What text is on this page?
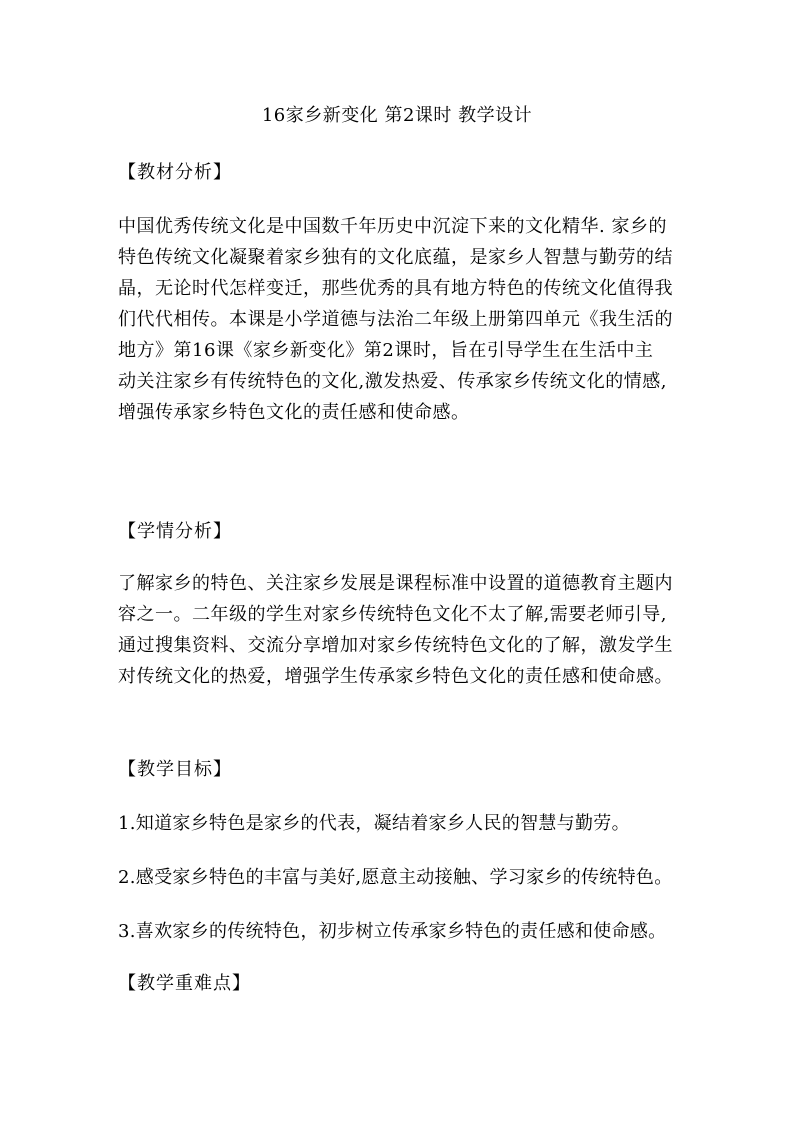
16家乡新变化 第2课时 教学设计
【教材分析】
中国优秀传统文化是中国数千年历史中沉淀下来的文化精华. 家乡的
特色传统文化凝聚着家乡独有的文化底蕴，是家乡人智慧与勤劳的结
晶，无论时代怎样变迁，那些优秀的具有地方特色的传统文化值得我
们代代相传。本课是小学道德与法治二年级上册第四单元《我生活的
地方》第16课《家乡新变化》第2课时，旨在引导学生在生活中主
动关注家乡有传统特色的文化,激发热爱、传承家乡传统文化的情感,
增强传承家乡特色文化的责任感和使命感。
【学情分析】
了解家乡的特色、关注家乡发展是课程标准中设置的道德教育主题内
容之一。二年级的学生对家乡传统特色文化不太了解,需要老师引导,
通过搜集资料、交流分享增加对家乡传统特色文化的了解，激发学生
对传统文化的热爱，增强学生传承家乡特色文化的责任感和使命感。
【教学目标】
1.知道家乡特色是家乡的代表，凝结着家乡人民的智慧与勤劳。
2.感受家乡特色的丰富与美好,愿意主动接触、学习家乡的传统特色。
3.喜欢家乡的传统特色，初步树立传承家乡特色的责任感和使命感。
【教学重难点】
